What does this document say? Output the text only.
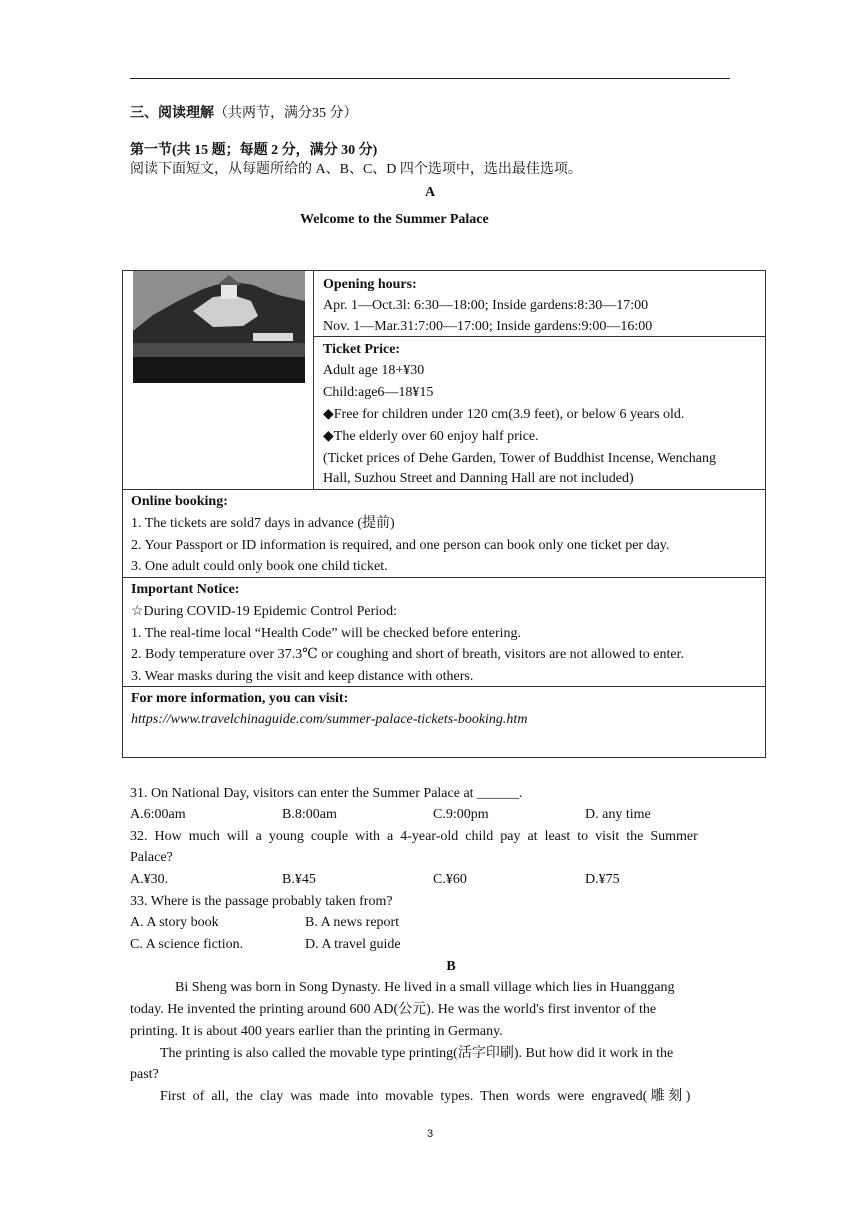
三、阅读理解（共两节，满分35 分）
第一节(共 15 题；每题 2 分，满分 30 分)
阅读下面短文，从每题所给的 A、B、C、D 四个选项中，选出最佳选项。
A
Welcome to the Summer Palace
Opening hours:
Apr. 1—Oct.3l: 6:30—18:00; Inside gardens:8:30—17:00
Nov. 1—Mar.31:7:00—17:00; Inside gardens:9:00—16:00
Ticket Price:
Adult age 18+¥30
Child:age6—18¥15
◆Free for children under 120 cm(3.9 feet), or below 6 years old.
◆The elderly over 60 enjoy half price.
(Ticket prices of Dehe Garden, Tower of Buddhist Incense, Wenchang
Hall, Suzhou Street and Danning Hall are not included)
Online booking:
1. The tickets are sold7 days in advance (提前)
2. Your Passport or ID information is required, and one person can book only one ticket per day.
3. One adult could only book one child ticket.
Important Notice:
☆During COVID-19 Epidemic Control Period:
1. The real-time local “Health Code” will be checked before entering.
2. Body temperature over 37.3℃ or coughing and short of breath, visitors are not allowed to enter.
3. Wear masks during the visit and keep distance with others.
For more information, you can visit:
https://www.travelchinaguide.com/summer-palace-tickets-booking.htm
31. On National Day, visitors can enter the Summer Palace at ______.
A.6:00am	B.8:00am	C.9:00pm	D. any time
32.  How  much  will  a  young  couple  with  a  4-year-old  child  pay  at  least  to  visit  the  Summer
Palace?
A.¥30.	B.¥45	C.¥60	D.¥75
33. Where is the passage probably taken from?
A. A story book	B. A news report
C. A science fiction.	D. A travel guide
B
Bi Sheng was born in Song Dynasty. He lived in a small village which lies in Huanggang
today. He invented the printing around 600 AD(公元). He was the world's first inventor of the
printing. It is about 400 years earlier than the printing in Germany.
The printing is also called the movable type printing(活字印刷). But how did it work in the
past?
First  of  all,  the  clay  was  made  into  movable  types.  Then  words  were  engraved( 雕 刻 )
3
